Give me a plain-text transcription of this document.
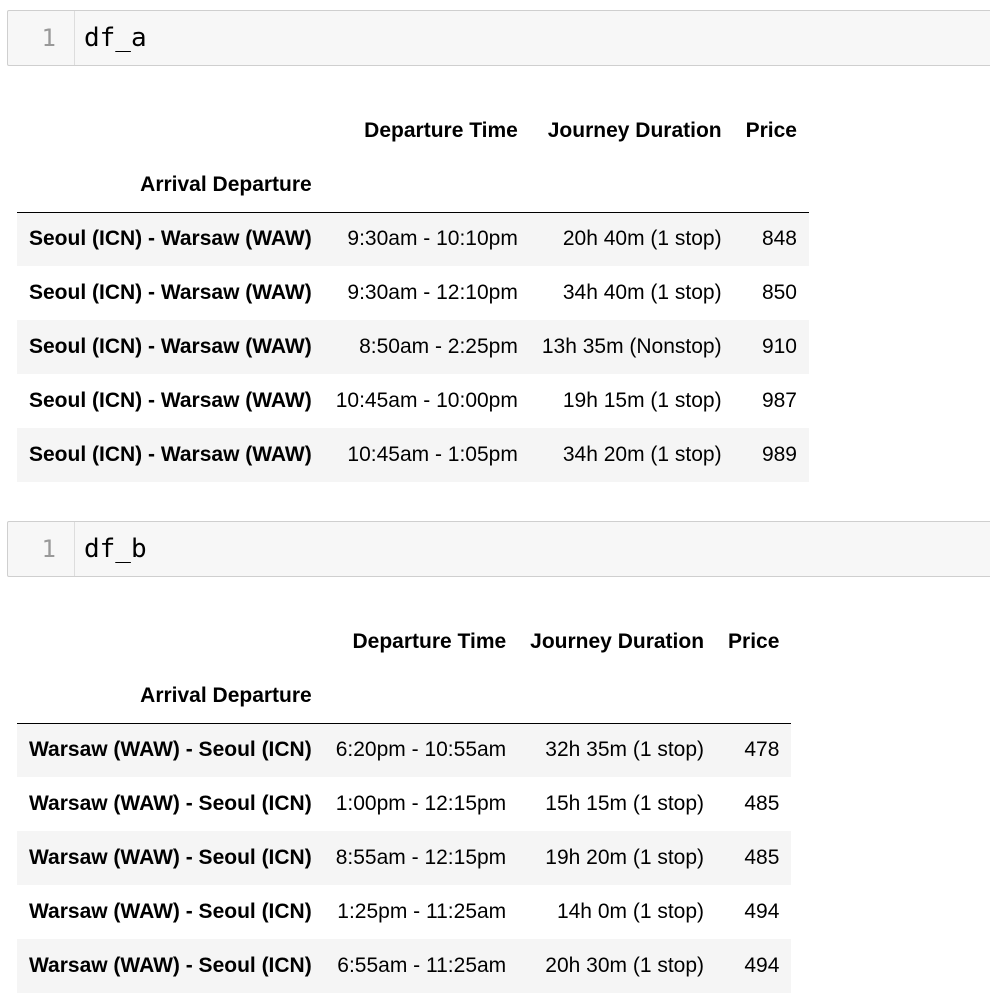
1	df_a
	Departure Time	Journey Duration	Price
Arrival Departure			
Seoul (ICN) - Warsaw (WAW)	9:30am - 10:10pm	20h 40m (1 stop)	848
Seoul (ICN) - Warsaw (WAW)	9:30am - 12:10pm	34h 40m (1 stop)	850
Seoul (ICN) - Warsaw (WAW)	8:50am - 2:25pm	13h 35m (Nonstop)	910
Seoul (ICN) - Warsaw (WAW)	10:45am - 10:00pm	19h 15m (1 stop)	987
Seoul (ICN) - Warsaw (WAW)	10:45am - 1:05pm	34h 20m (1 stop)	989
1	df_b
	Departure Time	Journey Duration	Price
Arrival Departure			
Warsaw (WAW) - Seoul (ICN)	6:20pm - 10:55am	32h 35m (1 stop)	478
Warsaw (WAW) - Seoul (ICN)	1:00pm - 12:15pm	15h 15m (1 stop)	485
Warsaw (WAW) - Seoul (ICN)	8:55am - 12:15pm	19h 20m (1 stop)	485
Warsaw (WAW) - Seoul (ICN)	1:25pm - 11:25am	14h 0m (1 stop)	494
Warsaw (WAW) - Seoul (ICN)	6:55am - 11:25am	20h 30m (1 stop)	494
